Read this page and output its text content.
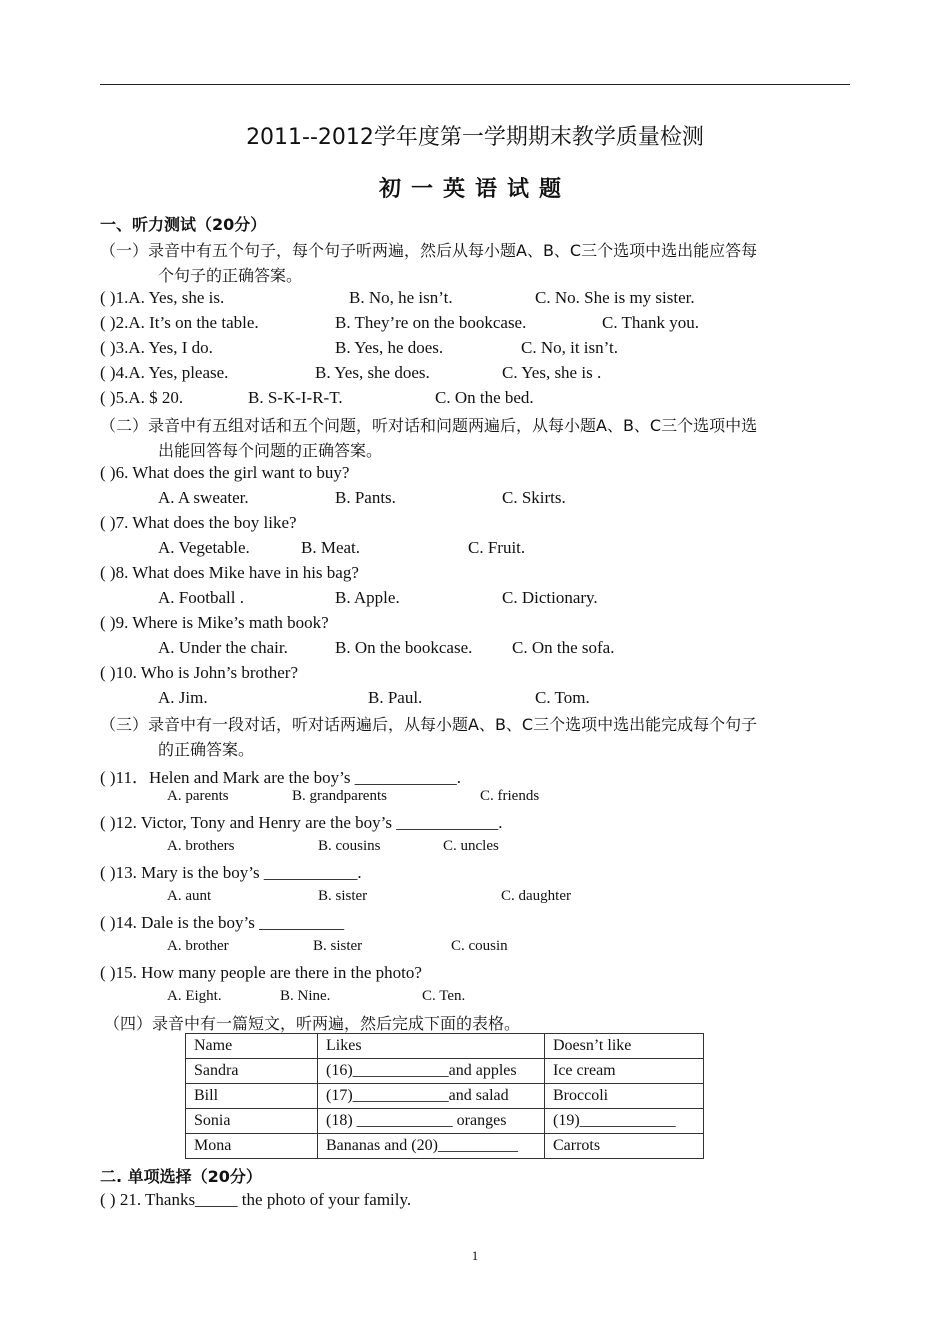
2011--2012学年度第一学期期末教学质量检测
初一英语试题
一、听力测试（20分）
（一）录音中有五个句子，每个句子听两遍，然后从每小题A、B、C三个选项中选出能应答每
个句子的正确答案。
( )1.A. Yes, she is.	B. No, he isn’t.	C. No. She is my sister.
( )2.A. It’s on the table.	B. They’re on the bookcase.	C. Thank you.
( )3.A. Yes, I do.	B. Yes, he does.	C. No, it isn’t.
( )4.A. Yes, please.	B. Yes, she does.	C. Yes, she is .
( )5.A. $ 20.	B. S-K-I-R-T.	C. On the bed.
（二）录音中有五组对话和五个问题，听对话和问题两遍后，从每小题A、B、C三个选项中选
出能回答每个问题的正确答案。
( )6. What does the girl want to buy?
A. A sweater.	B. Pants.	C. Skirts.
( )7. What does the boy like?
A. Vegetable.	B. Meat.	C. Fruit.
( )8. What does Mike have in his bag?
A. Football .	B. Apple.	C. Dictionary.
( )9. Where is Mike’s math book?
A. Under the chair.	B. On the bookcase. C. On the sofa.
( )10. Who is John’s brother?
A. Jim.	B. Paul.	C. Tom.
（三）录音中有一段对话，听对话两遍后，从每小题A、B、C三个选项中选出能完成每个句子
的正确答案。
( )11．Helen and Mark are the boy’s ____________.
A. parents	B. grandparents	C. friends
( )12. Victor, Tony and Henry are the boy’s ____________.
A. brothers	B. cousins	C. uncles
( )13. Mary is the boy’s ___________.
A. aunt	B. sister	C. daughter
( )14. Dale is the boy’s __________
A. brother	B. sister	C. cousin
( )15. How many people are there in the photo?
A. Eight.	B. Nine.	C. Ten.
（四）录音中有一篇短文，听两遍，然后完成下面的表格。
Name	Likes	Doesn’t like
Sandra	(16)____________and apples	Ice cream
Bill	(17)____________and salad	Broccoli
Sonia	(18) ____________ oranges	(19)____________
Mona	Bananas and (20)__________	Carrots
二. 单项选择（20分）
( ) 21. Thanks_____ the photo of your family.
1
